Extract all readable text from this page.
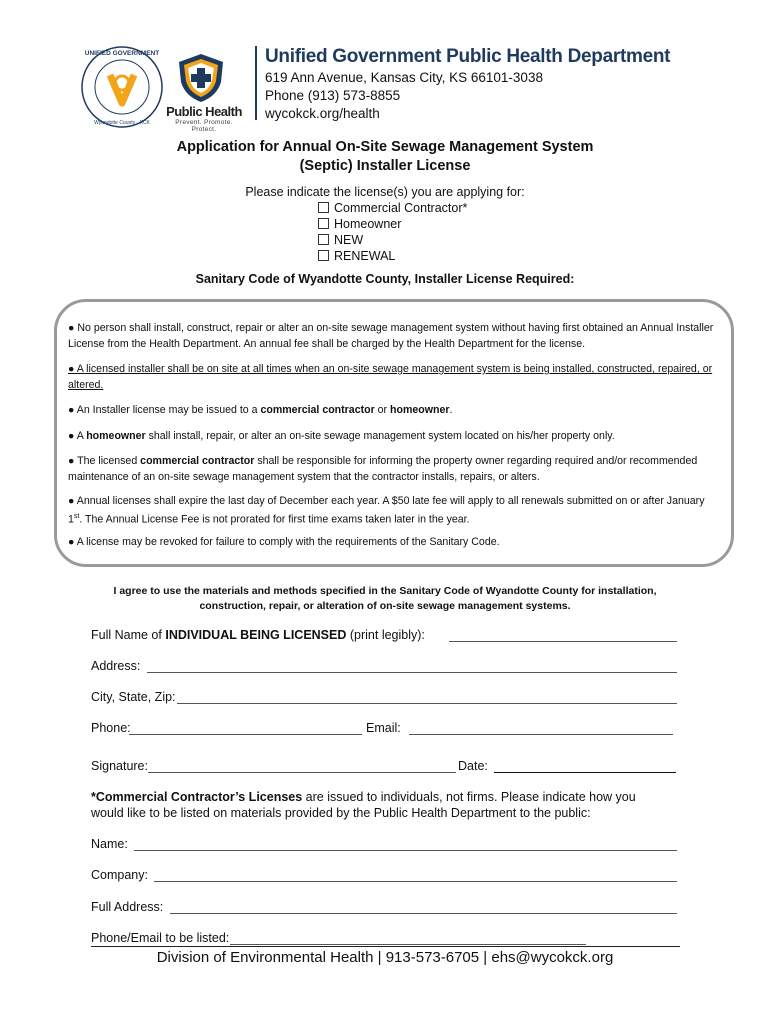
UNIFIED GOVERNMENT
Wyandotte County · KCK
Public Health
Prevent. Promote. Protect.
Unified Government Public Health Department
619 Ann Avenue, Kansas City, KS 66101-3038
Phone (913) 573-8855
wycokck.org/health
Application for Annual On-Site Sewage Management System
(Septic) Installer License
Please indicate the license(s) you are applying for:
Commercial Contractor*
Homeowner
NEW
RENEWAL
Sanitary Code of Wyandotte County, Installer License Required:
● No person shall install, construct, repair or alter an on-site sewage management system without having first obtained an Annual Installer License from the Health Department. An annual fee shall be charged by the Health Department for the license.
● A licensed installer shall be on site at all times when an on-site sewage management system is being installed, constructed, repaired, or altered.
● An Installer license may be issued to a commercial contractor or homeowner.
● A homeowner shall install, repair, or alter an on-site sewage management system located on his/her property only.
● The licensed commercial contractor shall be responsible for informing the property owner regarding required and/or recommended maintenance of an on-site sewage management system that the contractor installs, repairs, or alters.
● Annual licenses shall expire the last day of December each year. A $50 late fee will apply to all renewals submitted on or after January 1st. The Annual License Fee is not prorated for first time exams taken later in the year.
● A license may be revoked for failure to comply with the requirements of the Sanitary Code.
I agree to use the materials and methods specified in the Sanitary Code of Wyandotte County for installation,
construction, repair, or alteration of on-site sewage management systems.
Full Name of INDIVIDUAL BEING LICENSED (print legibly):
Address:
City, State, Zip:
Phone:	Email:
Signature:	Date:
*Commercial Contractor’s Licenses are issued to individuals, not firms. Please indicate how you
would like to be listed on materials provided by the Public Health Department to the public:
Name:
Company:
Full Address:
Phone/Email to be listed:
Division of Environmental Health | 913-573-6705 | ehs@wycokck.org
